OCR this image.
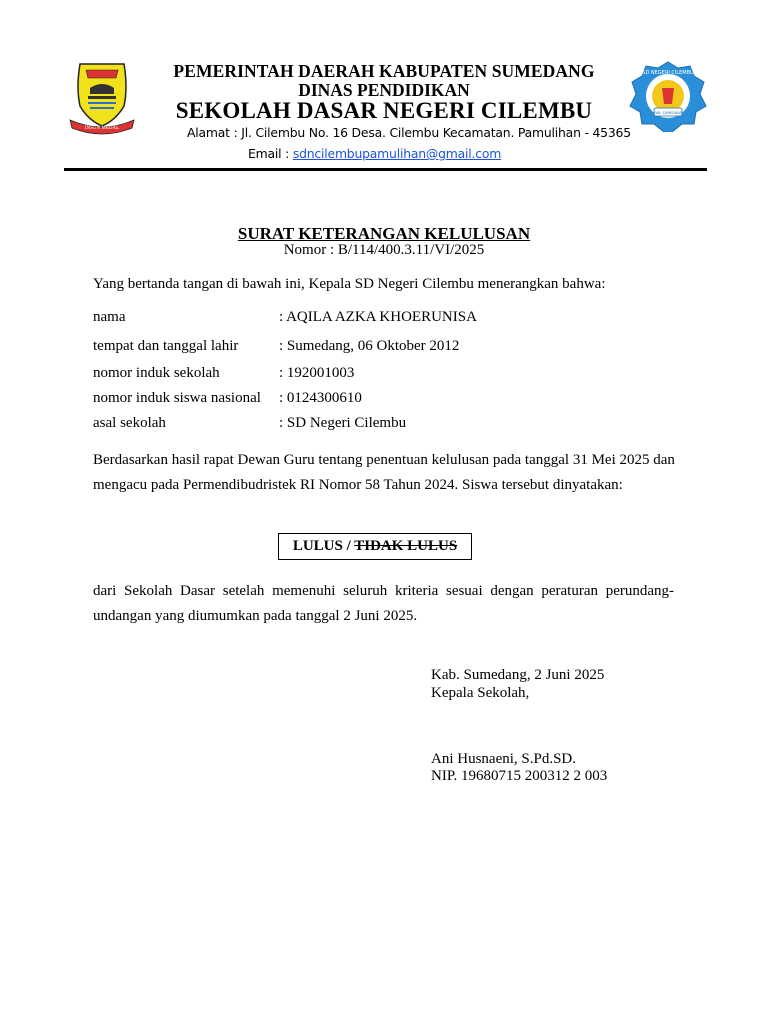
INSUN MEDAL
SD NEGERI CILEMBU
KAB. SUMEDANG
PEMERINTAH DAERAH KABUPATEN SUMEDANG
DINAS PENDIDIKAN
SEKOLAH DASAR NEGERI CILEMBU
Alamat : Jl. Cilembu No. 16 Desa. Cilembu Kecamatan. Pamulihan - 45365
Email : sdncilembupamulihan@gmail.com
SURAT KETERANGAN KELULUSAN
Nomor : B/114/400.3.11/VI/2025
Yang bertanda tangan di bawah ini, Kepala SD Negeri Cilembu menerangkan bahwa:
nama	: AQILA AZKA KHOERUNISA
tempat dan tanggal lahir	: Sumedang, 06 Oktober 2012
nomor induk sekolah	: 192001003
nomor induk siswa nasional : 0124300610
asal sekolah	: SD Negeri Cilembu
Berdasarkan hasil rapat Dewan Guru tentang penentuan kelulusan pada tanggal 31 Mei 2025 dan mengacu pada Permendibudristek RI Nomor 58 Tahun 2024. Siswa tersebut dinyatakan:
LULUS / TIDAK LULUS
dari Sekolah Dasar setelah memenuhi seluruh kriteria sesuai dengan peraturan perundang-undangan yang diumumkan pada tanggal 2 Juni 2025.
Kab. Sumedang, 2 Juni 2025
Kepala Sekolah,
Ani Husnaeni, S.Pd.SD.
NIP. 19680715 200312 2 003
